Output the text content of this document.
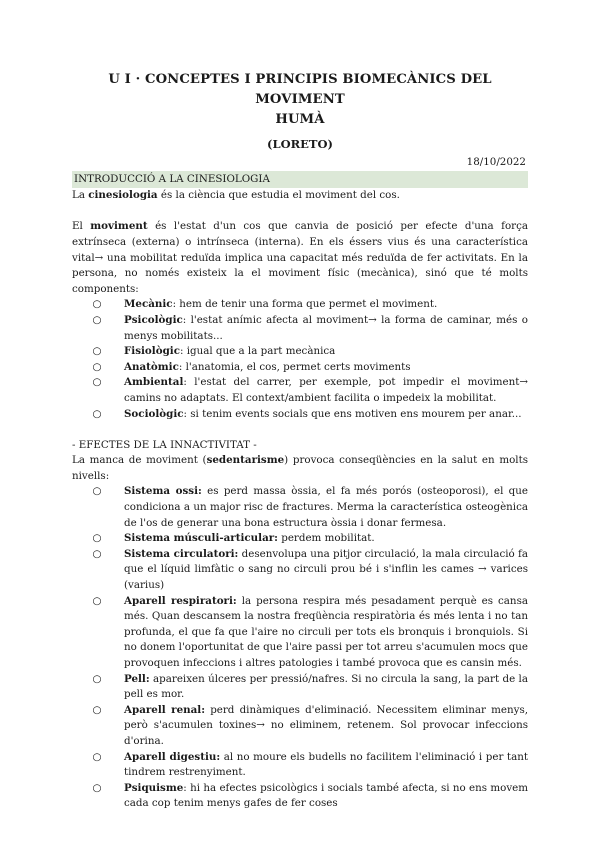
U I · CONCEPTES I PRINCIPIS BIOMECÀNICS DEL MOVIMENT
HUMÀ
(LORETO)
18/10/2022
INTRODUCCIÓ A LA CINESIOLOGIA

La cinesiologia és la ciència que estudia el moviment del cos.

El moviment és l'estat d'un cos que canvia de posició per efecte d'una força extrínseca (externa) o intrínseca (interna). En els éssers vius és una característica vital→ una mobilitat reduïda implica una capacitat més reduïda de fer activitats. En la persona, no només existeix la el moviment físic (mecànica), sinó que té molts components:

○ Mecànic: hem de tenir una forma que permet el moviment.
○ Psicològic: l'estat anímic afecta al moviment→ la forma de caminar, més o menys mobilitats...
○ Fisiològic: igual que a la part mecànica
○ Anatòmic: l'anatomia, el cos, permet certs moviments
○ Ambiental: l'estat del carrer, per exemple, pot impedir el moviment→ camins no adaptats. El context/ambient facilita o impedeix la mobilitat.
○ Sociològic: si tenim events socials que ens motiven ens mourem per anar...

- EFECTES DE LA INNACTIVITAT -

La manca de moviment (sedentarisme) provoca conseqüències en la salut en molts nivells:

○ Sistema ossi: es perd massa òssia, el fa més porós (osteoporosi), el que condiciona a un major risc de fractures. Merma la característica osteogènica de l'os de generar una bona estructura òssia i donar fermesa.
○ Sistema músculi-articular: perdem mobilitat.
○ Sistema circulatori: desenvolupa una pitjor circulació, la mala circulació fa que el líquid limfàtic o sang no circuli prou bé i s'inflin les cames → varices (varius)
○ Aparell respiratori: la persona respira més pesadament perquè es cansa més. Quan descansem la nostra freqüència respiratòria és més lenta i no tan profunda, el que fa que l'aire no circuli per tots els bronquis i bronquiols. Si no donem l'oportunitat de que l'aire passi per tot arreu s'acumulen mocs que provoquen infeccions i altres patologies i també provoca que es cansin més.
○ Pell: apareixen úlceres per pressió/nafres. Si no circula la sang, la part de la pell es mor.
○ Aparell renal: perd dinàmiques d'eliminació. Necessitem eliminar menys, però s'acumulen toxines→ no eliminem, retenem. Sol provocar infeccions d'orina.
○ Aparell digestiu: al no moure els budells no facilitem l'eliminació i per tant tindrem restrenyiment.
○ Psiquisme: hi ha efectes psicològics i socials també afecta, si no ens movem cada cop tenim menys gafes de fer coses
